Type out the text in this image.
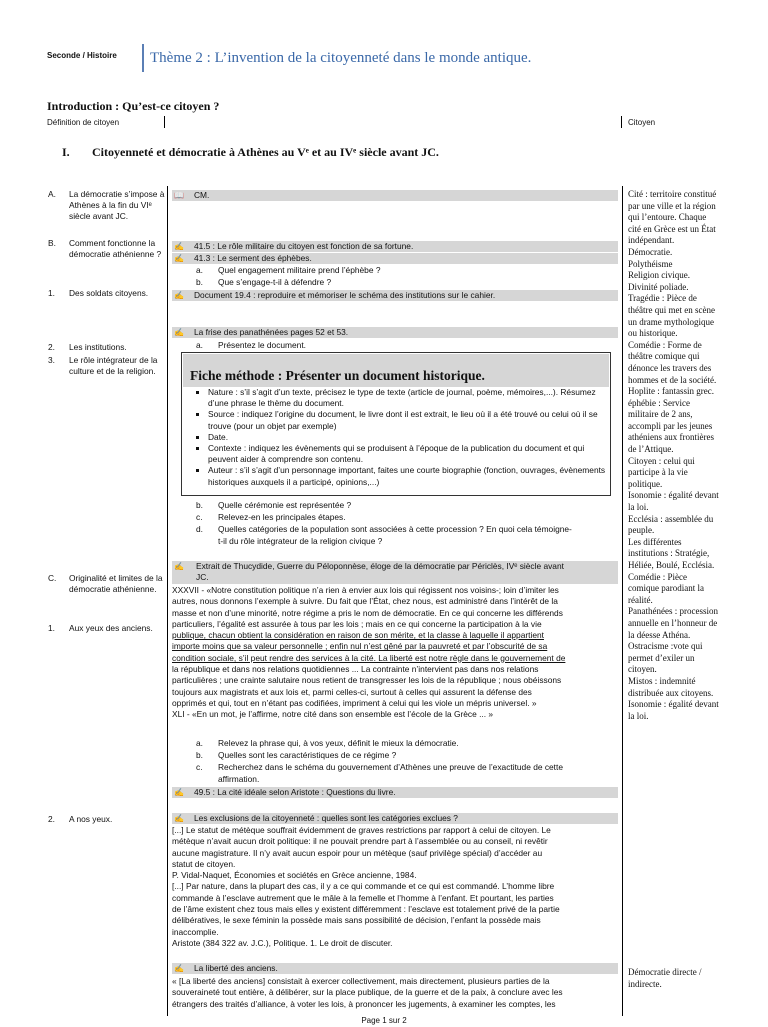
Seconde / Histoire Thème 2 : L’invention de la citoyenneté dans le monde antique.
Introduction : Qu’est-ce citoyen ?
Définition de citoyen	Citoyen
I. Citoyenneté et démocratie à Athènes au Vᵉ et au IVᵉ siècle avant JC.
A.	La démocratie s’impose à Athènes à la fin du VIᵉ siècle avant JC.
B.	Comment fonctionne la démocratie athénienne ?
1.	Des soldats citoyens.
2.	Les institutions.
3.	Le rôle intégrateur de la culture et de la religion.
C.	Originalité et limites de la démocratie athénienne.
1.	Aux yeux des anciens.
2.	A nos yeux.
📖 CM.
✍ 41.5 : Le rôle militaire du citoyen est fonction de sa fortune.
✍ 41.3 : Le serment des éphèbes.
a. Quel engagement militaire prend l’éphèbe ?
b. Que s’engage-t-il à défendre ?
✍ Document 19.4 : reproduire et mémoriser le schéma des institutions sur le cahier.
✍ La frise des panathénées pages 52 et 53.
a. Présentez le document.
Fiche méthode : Présenter un document historique.
▪ Nature : s’il s’agit d’un texte, précisez le type de texte (article de journal, poème, mémoires,...). Résumez d’une phrase le thème du document.
▪ Source : indiquez l’origine du document, le livre dont il est extrait, le lieu où il a été trouvé ou celui où il se trouve (pour un objet par exemple)
▪ Date.
▪ Contexte : indiquez les évènements qui se produisent à l’époque de la publication du document et qui peuvent aider à comprendre son contenu.
▪ Auteur : s’il s’agit d’un personnage important, faites une courte biographie (fonction, ouvrages, évènements historiques auxquels il a participé, opinions,...)
b. Quelle cérémonie est représentée ?
c. Relevez-en les principales étapes.
d. Quelles catégories de la population sont associées à cette procession ? En quoi cela témoigne-
t-il du rôle intégrateur de la religion civique ?
✍	Extrait de Thucydide, Guerre du Péloponnèse, éloge de la démocratie par Périclès, IVᵉ siècle avant
JC.
XXXVII - «Notre constitution politique n’a rien à envier aux lois qui régissent nos voisins-; loin d’imiter les
autres, nous donnons l’exemple à suivre. Du fait que l’État, chez nous, est administré dans l’intérêt de la
masse et non d’une minorité, notre régime a pris le nom de démocratie. En ce qui concerne les différends
particuliers, l’égalité est assurée à tous par les lois ; mais en ce qui concerne la participation à la vie
publique, chacun obtient la considération en raison de son mérite, et la classe à laquelle il appartient
importe moins que sa valeur personnelle ; enfin nul n’est gêné par la pauvreté et par l’obscurité de sa
condition sociale, s’il peut rendre des services à la cité. La liberté est notre règle dans le gouvernement de
la république et dans nos relations quotidiennes ... La contrainte n’intervient pas dans nos relations
particulières ; une crainte salutaire nous retient de transgresser les lois de la république ; nous obéissons
toujours aux magistrats et aux lois et, parmi celles-ci, surtout à celles qui assurent la défense des
opprimés et qui, tout en n’étant pas codifiées, impriment à celui qui les viole un mépris universel. »
XLI - «En un mot, je l’affirme, notre cité dans son ensemble est l’école de la Grèce ... »
a. Relevez la phrase qui, à vos yeux, définit le mieux la démocratie.
b. Quelles sont les caractéristiques de ce régime ?
c. Recherchez dans le schéma du gouvernement d’Athènes une preuve de l’exactitude de cette
affirmation.
✍ 49.5 : La cité idéale selon Aristote : Questions du livre.
✍ Les exclusions de la citoyenneté : quelles sont les catégories exclues ?
[...] Le statut de métèque souffrait évidemment de graves restrictions par rapport à celui de citoyen. Le
métèque n’avait aucun droit politique: il ne pouvait prendre part à l’assemblée ou au conseil, ni revêtir
aucune magistrature. Il n’y avait aucun espoir pour un métèque (sauf privilège spécial) d’accéder au
statut de citoyen.
P. Vidal-Naquet, Économies et sociétés en Grèce ancienne, 1984.
[...] Par nature, dans la plupart des cas, il y a ce qui commande et ce qui est commandé. L’homme libre
commande à l’esclave autrement que le mâle à la femelle et l’homme à l’enfant. Et pourtant, les parties
de l’âme existent chez tous mais elles y existent différemment : l’esclave est totalement privé de la partie
délibératives, le sexe féminin la possède mais sans possibilité de décision, l’enfant la possède mais
inaccomplie.
Aristote (384 322 av. J.C.), Politique. 1. Le droit de discuter.
✍ La liberté des anciens.
« [La liberté des anciens] consistait à exercer collectivement, mais directement, plusieurs parties de la
souveraineté tout entière, à délibérer, sur la place publique, de la guerre et de la paix, à conclure avec les
étrangers des traités d’alliance, à voter les lois, à prononcer les jugements, à examiner les comptes, les
Cité : territoire constitué par une ville et la région qui l’entoure. Chaque cité en Grèce est un État indépendant.
Démocratie.
Polythéisme
Religion civique.
Divinité poliade.
Tragédie : Pièce de théâtre qui met en scène un drame mythologique ou historique.
Comédie : Forme de théâtre comique qui dénonce les travers des hommes et de la société.
Hoplite : fantassin grec.
éphébie : Service militaire de 2 ans, accompli par les jeunes athéniens aux frontières de l’Attique.
Citoyen : celui qui participe à la vie politique.
Isonomie : égalité devant la loi.
Ecclésia : assemblée du peuple.
Les différentes institutions : Stratégie, Héliée, Boulé, Ecclésia.
Comédie : Pièce comique parodiant la réalité.
Panathénées : procession annuelle en l’honneur de la déesse Athéna.
Ostracisme :vote qui permet d’exiler un citoyen.
Mistos : indemnité distribuée aux citoyens.
Isonomie : égalité devant la loi.
Démocratie directe / indirecte.
Page 1 sur 2
